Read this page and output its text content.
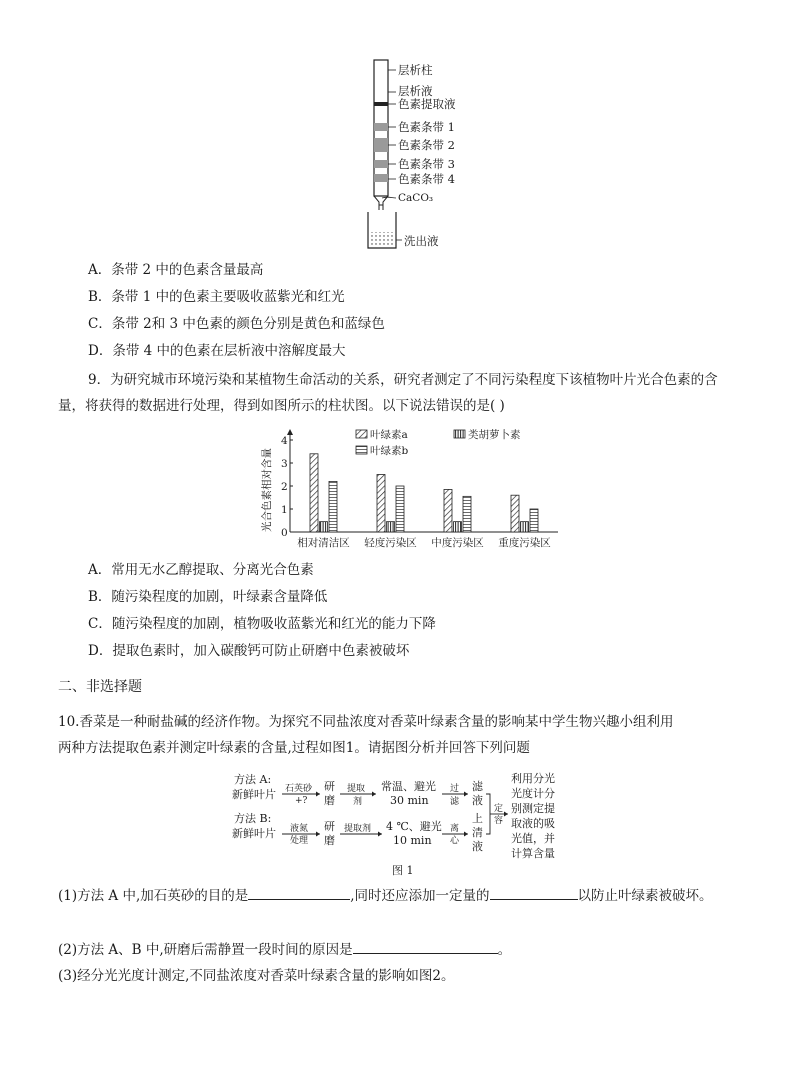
层析柱
层析液
色素提取液
色素条带 1
色素条带 2
色素条带 3
色素条带 4
CaCO₃
洗出液
A．条带 2 中的色素含量最高
B．条带 1 中的色素主要吸收蓝紫光和红光
C．条带 2和 3 中色素的颜色分别是黄色和蓝绿色
D．条带 4 中的色素在层析液中溶解度最大
9．为研究城市环境污染和某植物生命活动的关系，研究者测定了不同污染程度下该植物叶片光合色素的含
量，将获得的数据进行处理，得到如图所示的柱状图。以下说法错误的是( )
光合色素相对含量
0
1
2
3
4
相对清洁区 轻度污染区 中度污染区 重度污染区
叶绿素a	类胡萝卜素
叶绿素b
A．常用无水乙醇提取、分离光合色素
B．随污染程度的加剧，叶绿素含量降低
C．随污染程度的加剧，植物吸收蓝紫光和红光的能力下降
D．提取色素时，加入碳酸钙可防止研磨中色素被破坏
二、非选择题
10.香菜是一种耐盐碱的经济作物。为探究不同盐浓度对香菜叶绿素含量的影响某中学生物兴趣小组利用
两种方法提取色素并测定叶绿素的含量,过程如图1。请据图分析并回答下列问题
方法 A:
新鲜叶片 石英砂
+?
研
磨
提取
剂
常温、避光
30 min
过
滤
滤
液
方法 B:
新鲜叶片 液氮
处理
研
磨
提取剂 4 ℃、避光
10 min
离
心
上
清
液
定
容
利用分光
光度计分
别测定提
取液的吸
光值，并
计算含量
图 1
(1)方法 A 中,加石英砂的目的是	,同时还应添加一定量的	以防止叶绿素被破坏。
(2)方法 A、B 中,研磨后需静置一段时间的原因是	。
(3)经分光光度计测定,不同盐浓度对香菜叶绿素含量的影响如图2。
